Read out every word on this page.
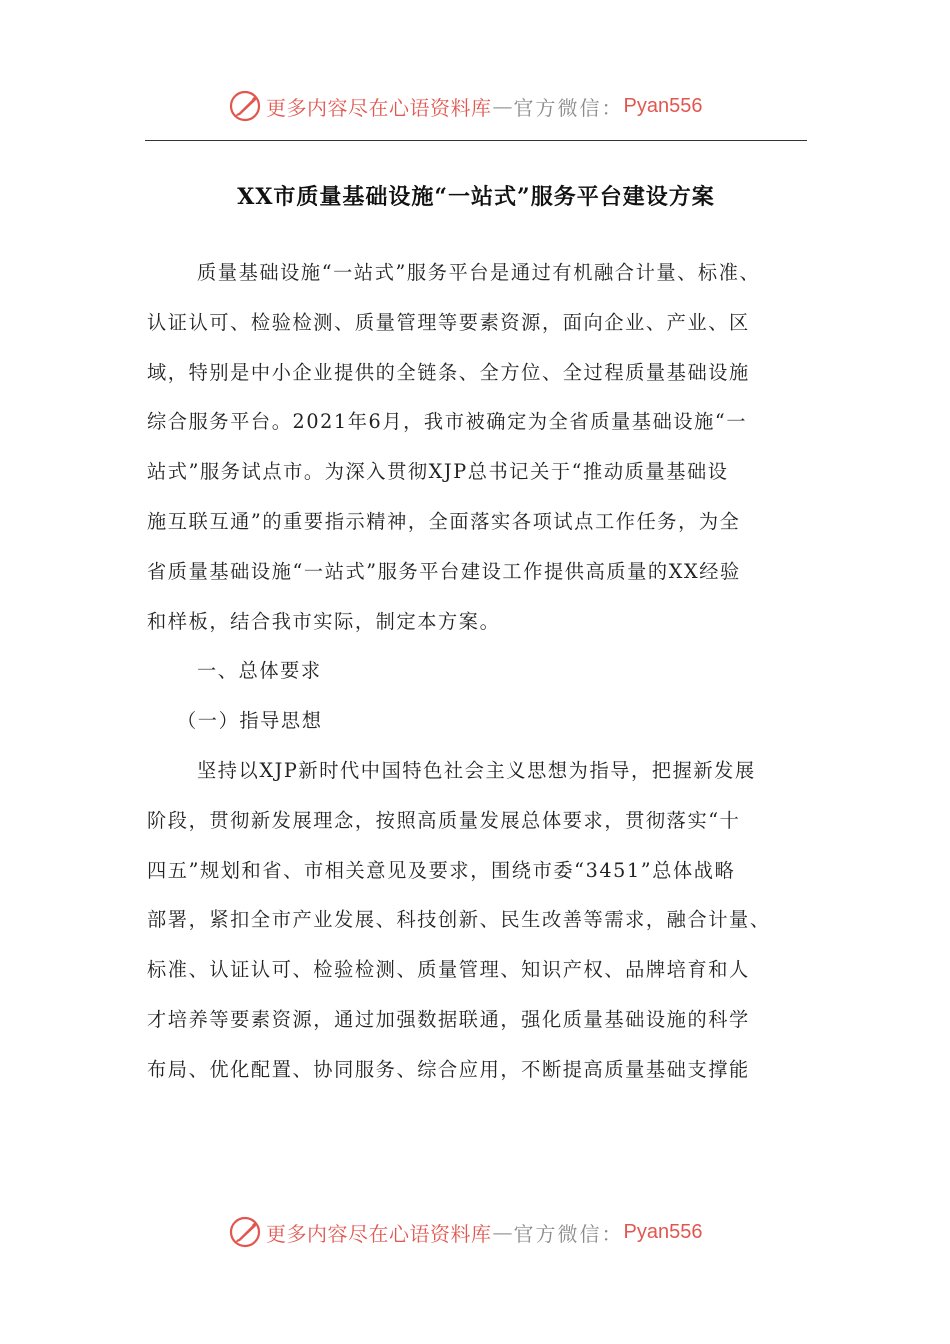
更多内容尽在心语资料库 — 官方微信： Pyan556
XX市质量基础设施“一站式”服务平台建设方案
质量基础设施“一站式”服务平台是通过有机融合计量、标准、
认证认可、检验检测、质量管理等要素资源，面向企业、产业、区
域，特别是中小企业提供的全链条、全方位、全过程质量基础设施
综合服务平台。2021年6月，我市被确定为全省质量基础设施“一
站式”服务试点市。为深入贯彻XJP总书记关于“推动质量基础设
施互联互通”的重要指示精神，全面落实各项试点工作任务，为全
省质量基础设施“一站式”服务平台建设工作提供高质量的XX经验
和样板，结合我市实际，制定本方案。
一、总体要求
（一）指导思想
坚持以XJP新时代中国特色社会主义思想为指导，把握新发展
阶段，贯彻新发展理念，按照高质量发展总体要求，贯彻落实“十
四五”规划和省、市相关意见及要求，围绕市委“3451”总体战略
部署，紧扣全市产业发展、科技创新、民生改善等需求，融合计量、
标准、认证认可、检验检测、质量管理、知识产权、品牌培育和人
才培养等要素资源，通过加强数据联通，强化质量基础设施的科学
布局、优化配置、协同服务、综合应用，不断提高质量基础支撑能
更多内容尽在心语资料库 — 官方微信： Pyan556
